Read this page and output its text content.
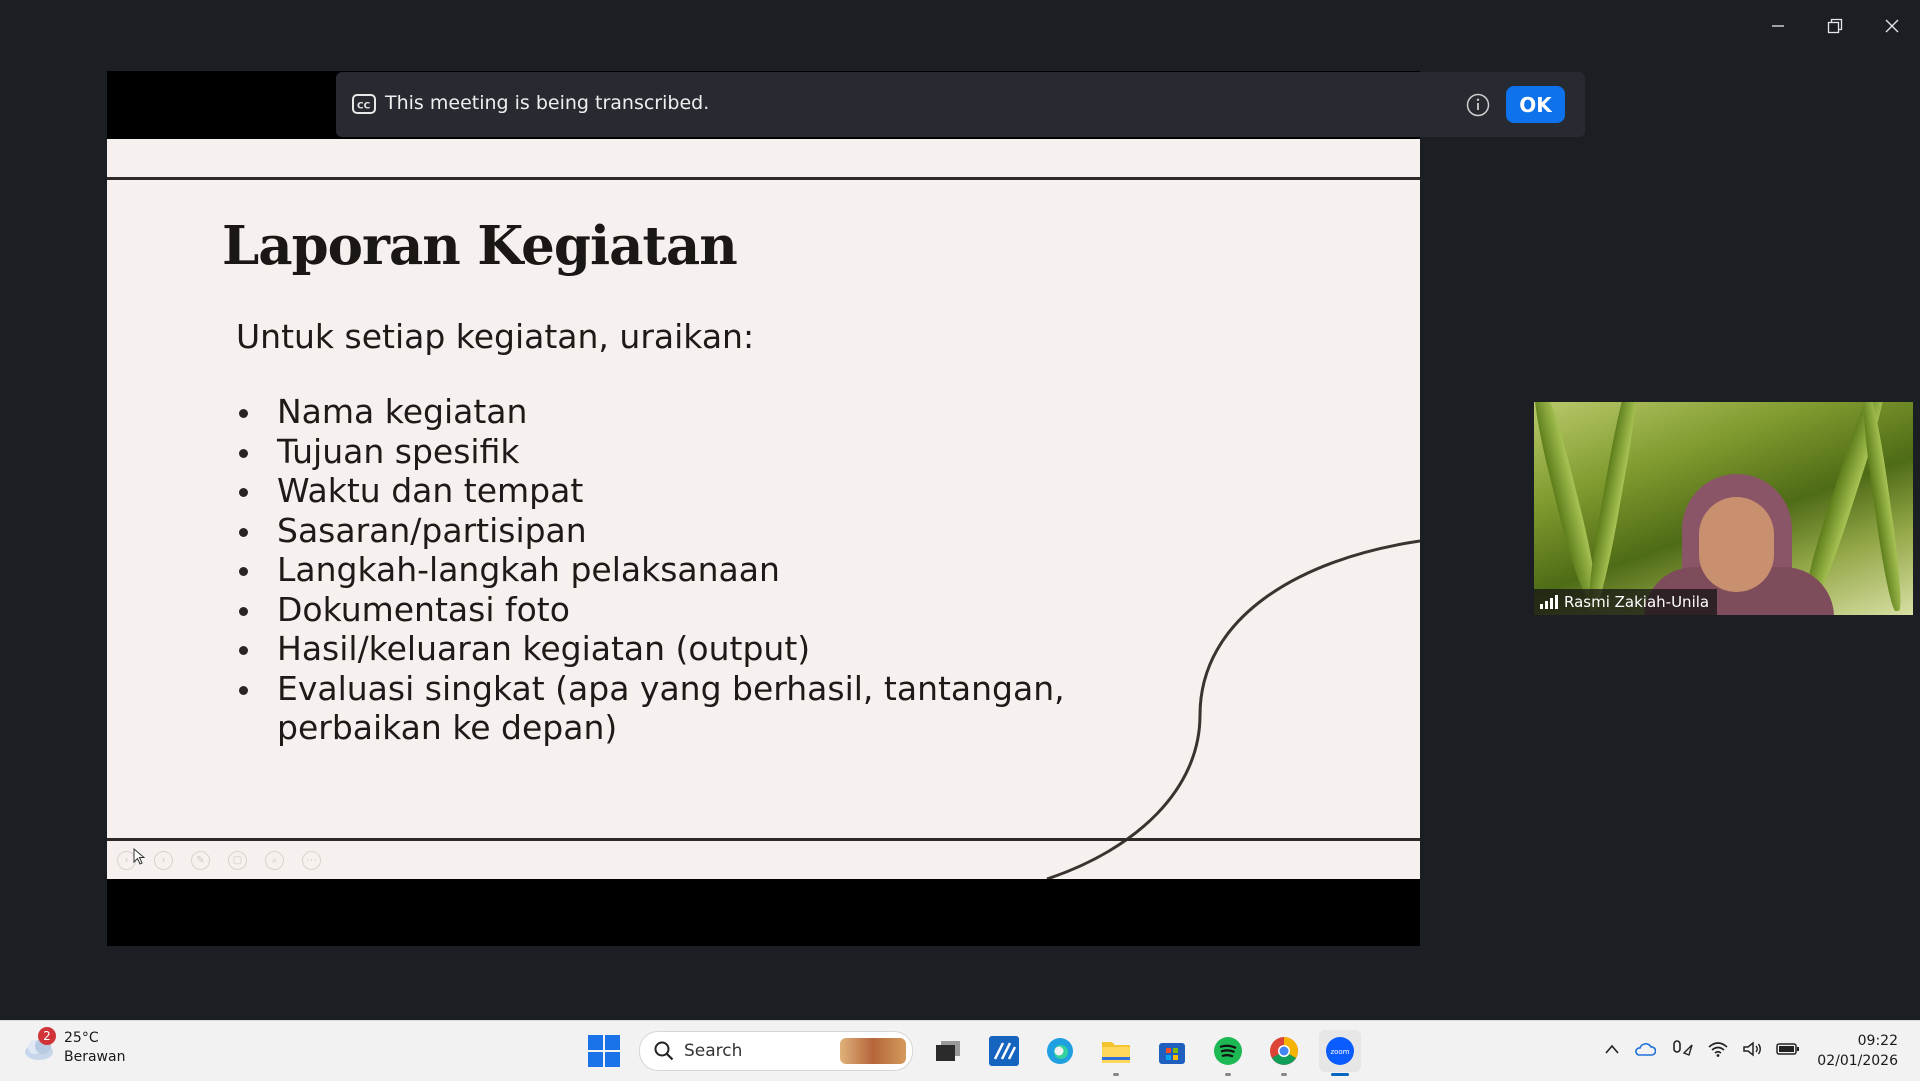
Laporan Kegiatan

Untuk setiap kegiatan, uraikan:

Nama kegiatan
Tujuan spesifik
Waktu dan tempat
Sasaran/partisipan
Langkah-langkah pelaksanaan
Dokumentasi foto
Hasil/keluaran kegiatan (output)
Evaluasi singkat (apa yang berhasil, tantangan, perbaikan ke depan)
‹	›	✎	▢	⌕	⋯
CC This meeting is being transcribed.	OK
Rasmi Zakiah-Unila
2 25°C
Berawan	Search	zoom
09:22
02/01/2026
